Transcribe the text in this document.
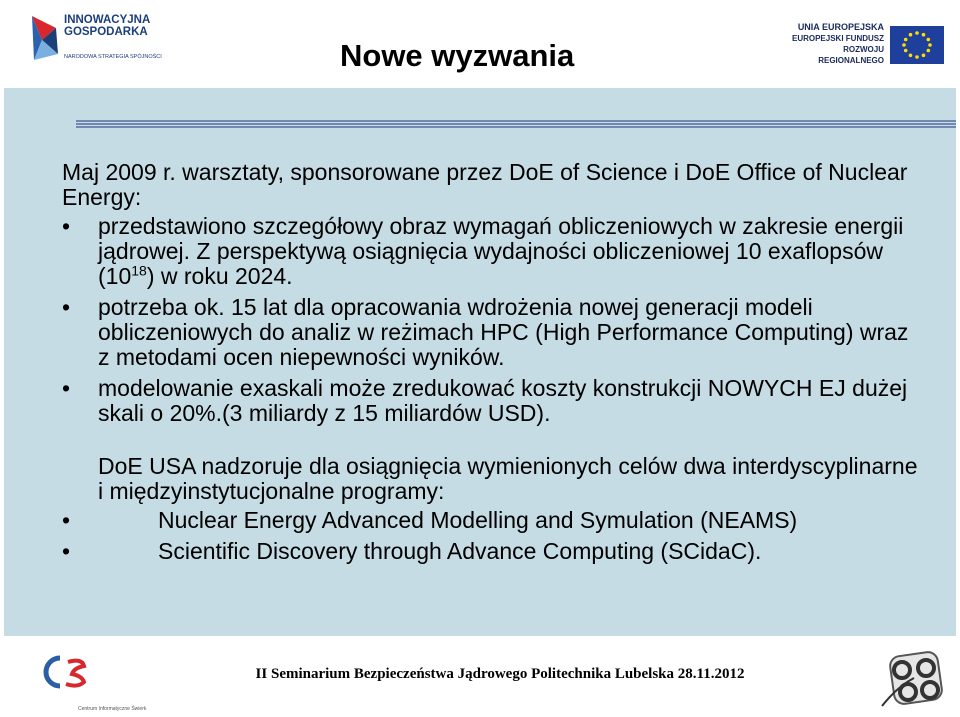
INNOWACYJNA
GOSPODARKA
NARODOWA STRATEGIA SPÓJNOŚCI	Nowe wyzwania
UNIA EUROPEJSKA
EUROPEJSKI FUNDUSZ
ROZWOJU REGIONALNEGO
Maj 2009 r. warsztaty, sponsorowane przez DoE of Science i DoE Office of Nuclear Energy:
• przedstawiono szczegółowy obraz wymagań obliczeniowych w zakresie energii jądrowej. Z perspektywą osiągnięcia wydajności obliczeniowej 10 exaflopsów $(10^{18})$ w roku 2024.
• potrzeba ok. 15 lat dla opracowania wdrożenia nowej generacji modeli obliczeniowych do analiz w reżimach HPC (High Performance Computing) wraz z metodami ocen niepewności wyników.
• modelowanie exaskali może zredukować koszty konstrukcji NOWYCH EJ dużej skali o 20%.(3 miliardy z 15 miliardów USD).
DoE USA nadzoruje dla osiągnięcia wymienionych celów dwa interdyscyplinarne i międzyinstytucjonalne programy:
•	Nuclear Energy Advanced Modelling and Symulation (NEAMS)
•	Scientific Discovery through Advance Computing (SCidaC).
Centrum Informatyczne Świerk
II Seminarium Bezpieczeństwa Jądrowego Politechnika Lubelska 28.11.2012
